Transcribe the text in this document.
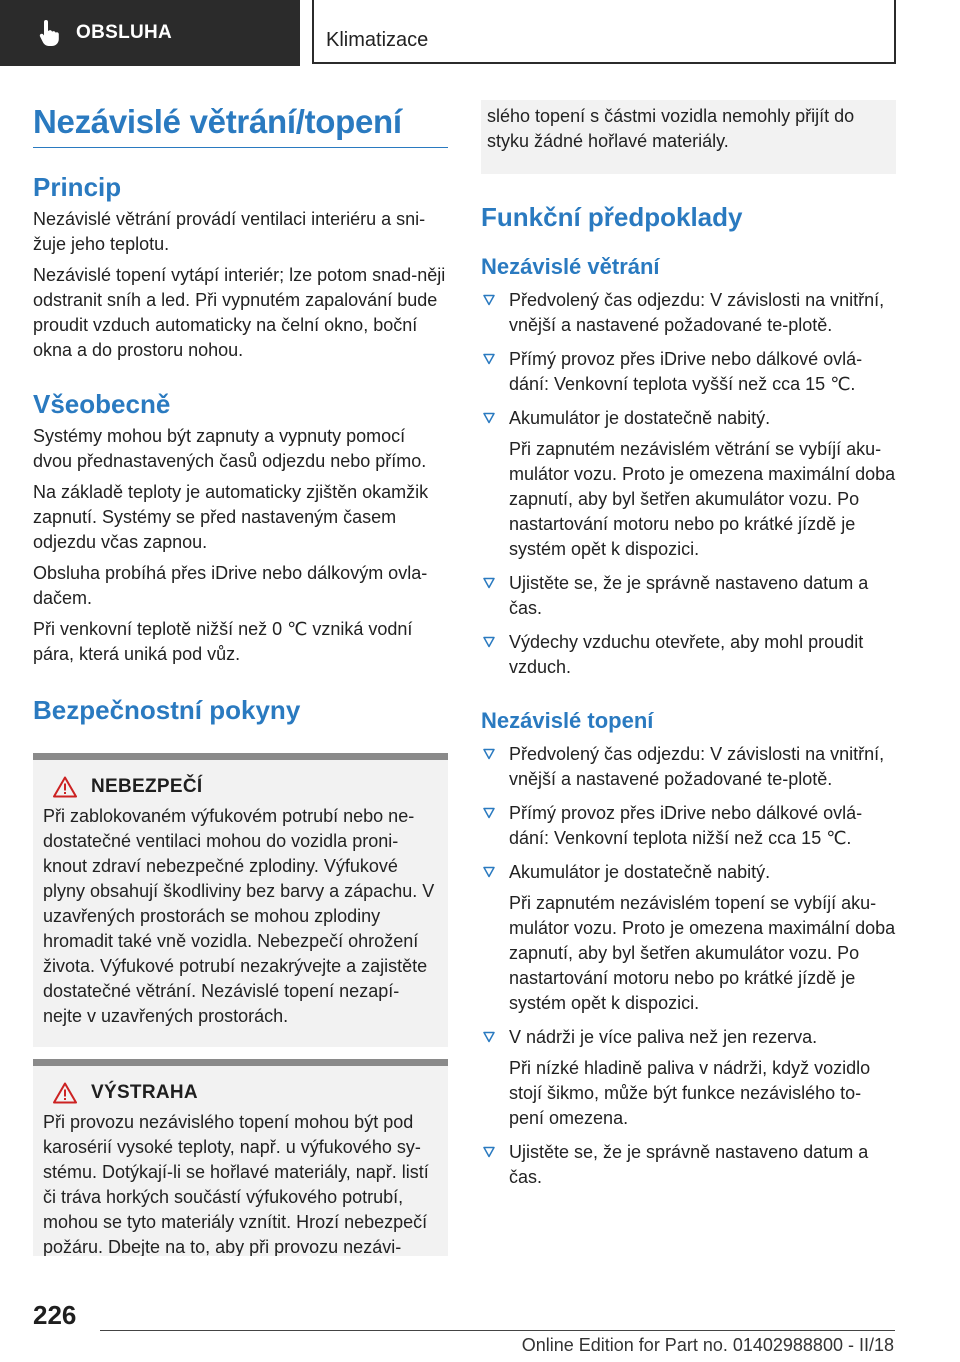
OBSLUHA	Klimatizace
Nezávislé větrání/topení
Princip

Nezávislé větrání provádí ventilaci interiéru a sni-žuje jeho teplotu.

Nezávislé topení vytápí interiér; lze potom snad-něji odstranit sníh a led. Při vypnutém zapalování bude proudit vzduch automaticky na čelní okno, boční okna a do prostoru nohou.

Všeobecně

Systémy mohou být zapnuty a vypnuty pomocí dvou přednastavených časů odjezdu nebo přímo.

Na základě teploty je automaticky zjištěn okamžik zapnutí. Systémy se před nastaveným časem odjezdu včas zapnou.

Obsluha probíhá přes iDrive nebo dálkovým ovla-dačem.

Při venkovní teplotě nižší než 0 ℃ vzniká vodní pára, která uniká pod vůz.

Bezpečnostní pokyny
NEBEZPEČÍ

Při zablokovaném výfukovém potrubí nebo ne-dostatečné ventilaci mohou do vozidla proni-knout zdraví nebezpečné zplodiny. Výfukové plyny obsahují škodliviny bez barvy a zápachu. V uzavřených prostorách se mohou zplodiny hromadit také vně vozidla. Nebezpečí ohrožení života. Výfukové potrubí nezakrývejte a zajistěte dostatečné větrání. Nezávislé topení nezapí-nejte v uzavřených prostorách.

VÝSTRAHA

Při provozu nezávislého topení mohou být pod karosérií vysoké teploty, např. u výfukového sy-stému. Dotýkají-li se hořlavé materiály, např. listí či tráva horkých součástí výfukového potrubí, mohou se tyto materiály vznítit. Hrozí nebezpečí požáru. Dbejte na to, aby při provozu nezávi-

slého topení s částmi vozidla nemohly přijít do styku žádné hořlavé materiály.

Funkční předpoklady
Nezávislé větrání

Předvolený čas odjezdu: V závislosti na vnitřní, vnější a nastavené požadované te-plotě.

Přímý provoz přes iDrive nebo dálkové ovlá-dání: Venkovní teplota vyšší než cca 15 ℃.

Akumulátor je dostatečně nabitý.

Při zapnutém nezávislém větrání se vybíjí aku-mulátor vozu. Proto je omezena maximální doba zapnutí, aby byl šetřen akumulátor vozu. Po nastartování motoru nebo po krátké jízdě je systém opět k dispozici.

Ujistěte se, že je správně nastaveno datum a čas.

Výdechy vzduchu otevřete, aby mohl proudit vzduch.

Nezávislé topení

Předvolený čas odjezdu: V závislosti na vnitřní, vnější a nastavené požadované te-plotě.

Přímý provoz přes iDrive nebo dálkové ovlá-dání: Venkovní teplota nižší než cca 15 ℃.

Akumulátor je dostatečně nabitý.

Při zapnutém nezávislém topení se vybíjí aku-mulátor vozu. Proto je omezena maximální doba zapnutí, aby byl šetřen akumulátor vozu. Po nastartování motoru nebo po krátké jízdě je systém opět k dispozici.

V nádrži je více paliva než jen rezerva.

Při nízké hladině paliva v nádrži, když vozidlo stojí šikmo, může být funkce nezávislého to-pení omezena.

Ujistěte se, že je správně nastaveno datum a čas.

226
Online Edition for Part no. 01402988800 - II/18
